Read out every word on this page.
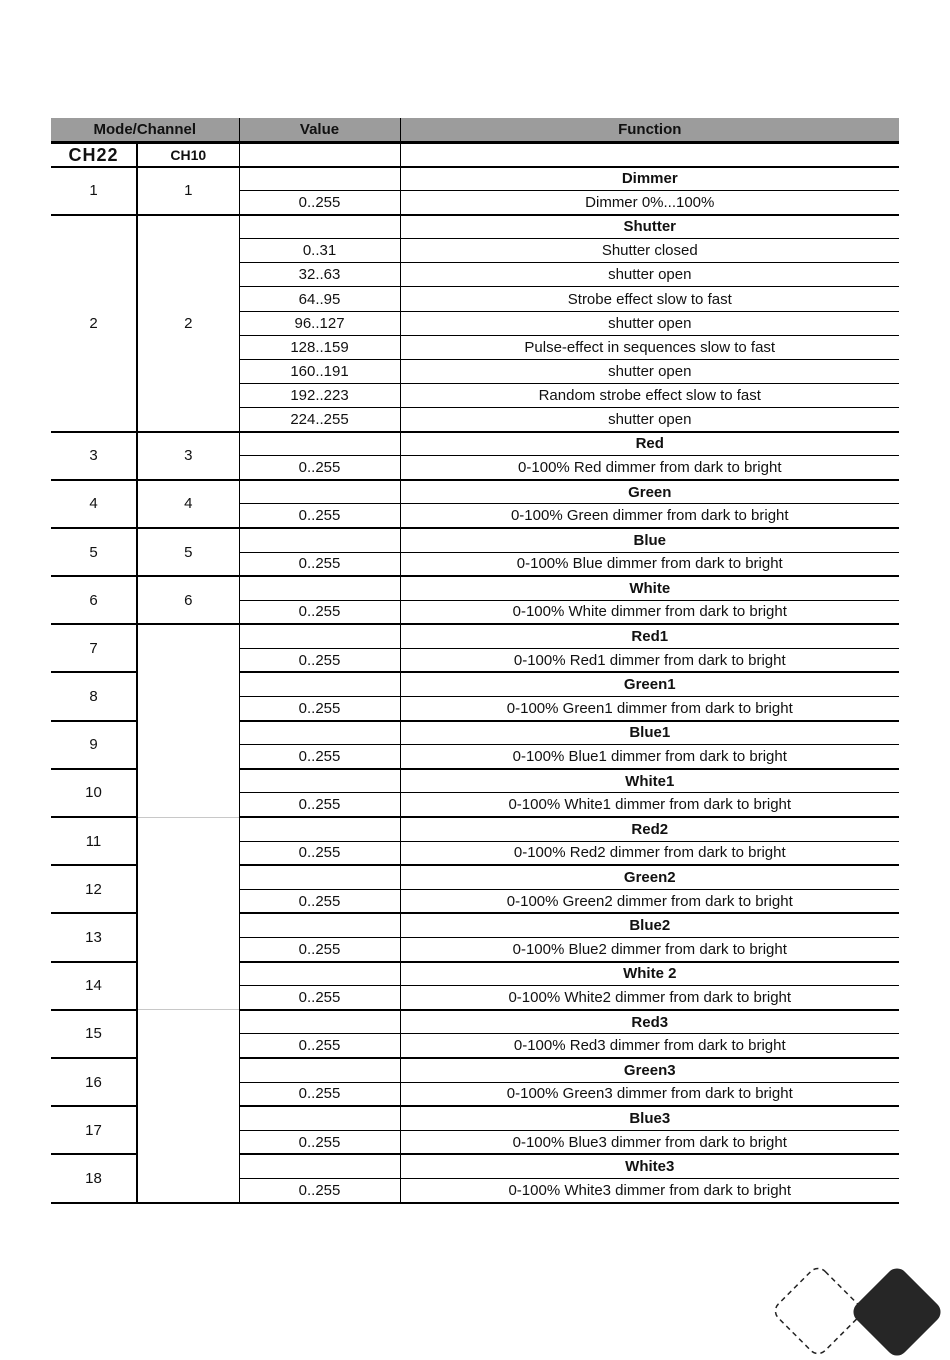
Mode/Channel		Value	Function
CH22	CH10		
1	1		Dimmer
		0..255	Dimmer 0%...100%
2	2		Shutter
		0..31	Shutter closed
		32..63	shutter open
		64..95	Strobe effect slow to fast
		96..127	shutter open
		128..159	Pulse-effect in sequences slow to fast
		160..191	shutter open
		192..223	Random strobe effect slow to fast
		224..255	shutter open
3	3		Red
		0..255	0-100% Red dimmer from dark to bright
4	4		Green
		0..255	0-100% Green dimmer from dark to bright
5	5		Blue
		0..255	0-100% Blue dimmer from dark to bright
6	6		White
		0..255	0-100% White dimmer from dark to bright
7			Red1
		0..255	0-100% Red1 dimmer from dark to bright
8			Green1
		0..255	0-100% Green1 dimmer from dark to bright
9			Blue1
		0..255	0-100% Blue1 dimmer from dark to bright
10			White1
		0..255	0-100% White1 dimmer from dark to bright
11			Red2
		0..255	0-100% Red2 dimmer from dark to bright
12			Green2
		0..255	0-100% Green2 dimmer from dark to bright
13			Blue2
		0..255	0-100% Blue2 dimmer from dark to bright
14			White 2
		0..255	0-100% White2 dimmer from dark to bright
15			Red3
		0..255	0-100% Red3 dimmer from dark to bright
16			Green3
		0..255	0-100% Green3 dimmer from dark to bright
17			Blue3
		0..255	0-100% Blue3 dimmer from dark to bright
18			White3
		0..255	0-100% White3 dimmer from dark to bright
